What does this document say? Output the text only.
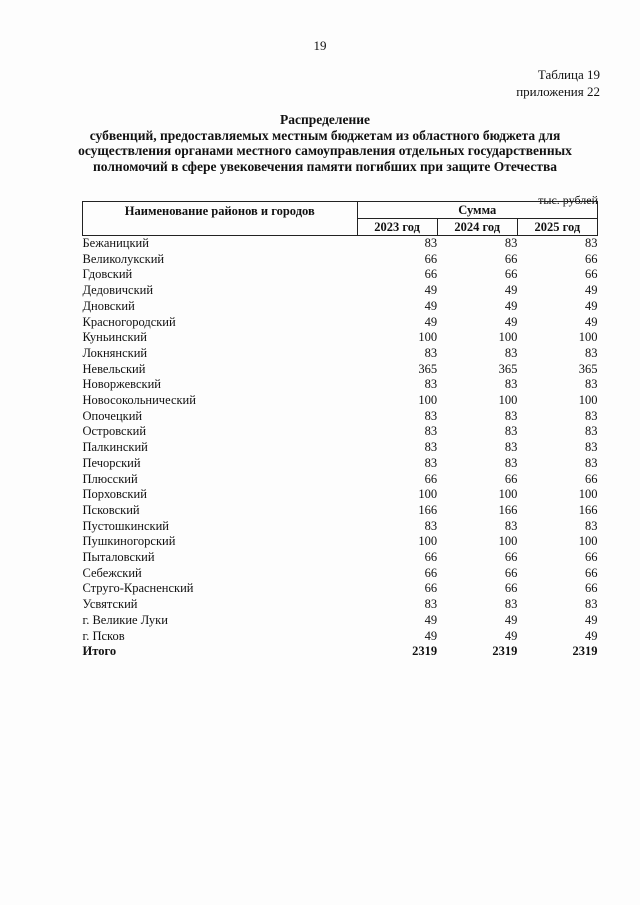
19
Таблица 19
приложения 22
Распределение
субвенций, предоставляемых местным бюджетам из областного бюджета для
осуществления органами местного самоуправления отдельных государственных
полномочий в сфере увековечения памяти погибших при защите Отечества
тыс. рублей
Наименование районов и городов	Сумма		
	2023 год	2024 год	2025 год
Бежаницкий	83	83	83
Великолукский	66	66	66
Гдовский	66	66	66
Дедовичский	49	49	49
Дновский	49	49	49
Красногородский	49	49	49
Куньинский	100	100	100
Локнянский	83	83	83
Невельский	365	365	365
Новоржевский	83	83	83
Новосокольнический	100	100	100
Опочецкий	83	83	83
Островский	83	83	83
Палкинский	83	83	83
Печорский	83	83	83
Плюсский	66	66	66
Порховский	100	100	100
Псковский	166	166	166
Пустошкинский	83	83	83
Пушкиногорский	100	100	100
Пыталовский	66	66	66
Себежский	66	66	66
Струго-Красненский	66	66	66
Усвятский	83	83	83
г. Великие Луки	49	49	49
г. Псков	49	49	49
Итого	2319	2319	2319
